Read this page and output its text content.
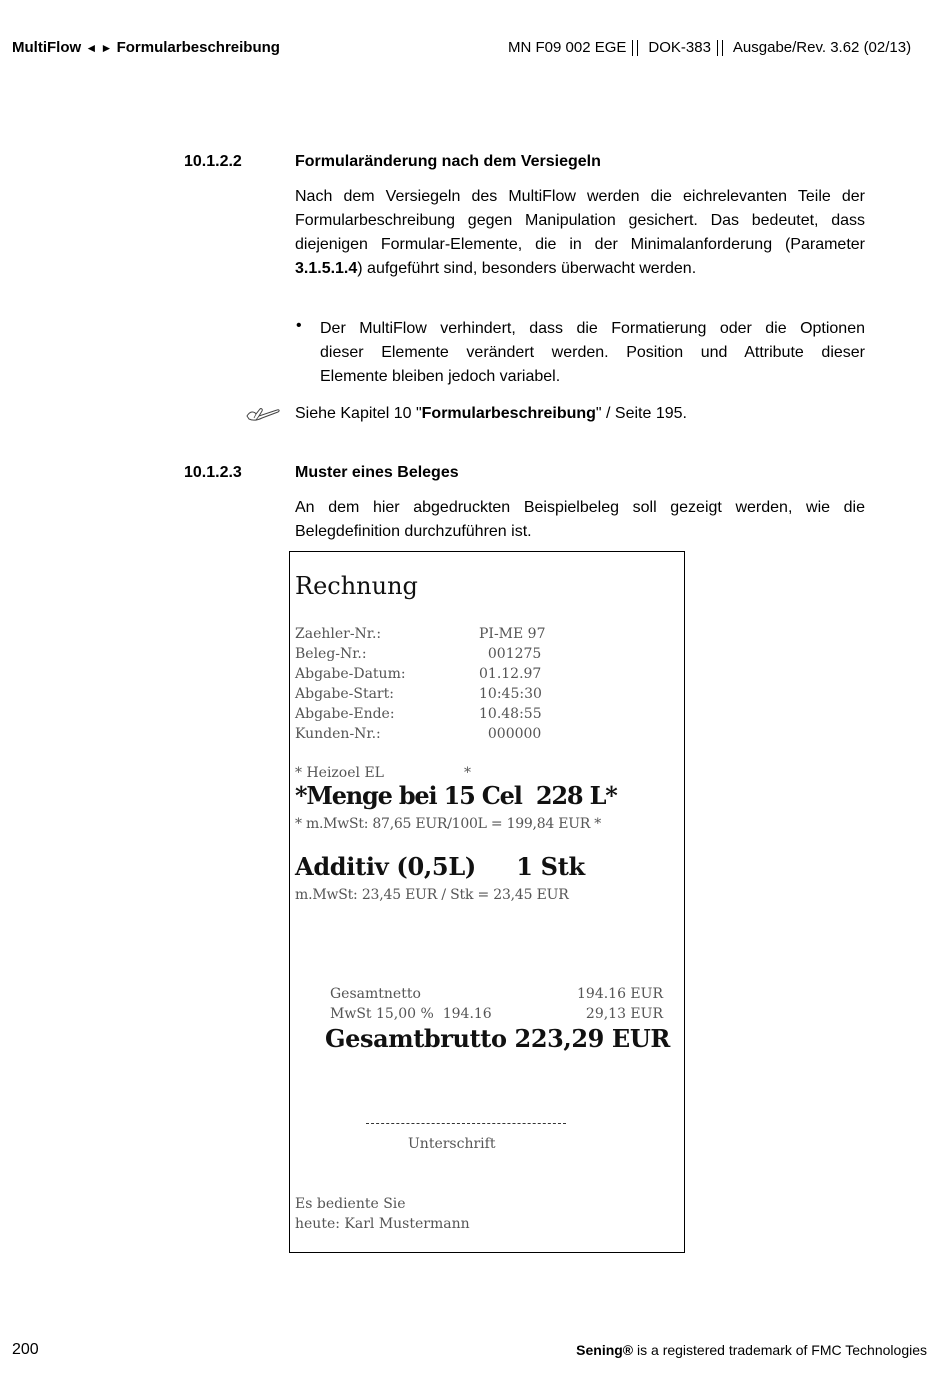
MultiFlow ◄ ► Formularbeschreibung	MN F09 002 EGE DOK-383 Ausgabe/Rev. 3.62 (02/13)
10.1.2.2	Formularänderung nach dem Versiegeln
Nach dem Versiegeln des MultiFlow werden die eichrelevanten Teile der
Formularbeschreibung gegen Manipulation gesichert. Das bedeutet, dass
diejenigen Formular-Elemente, die in der Minimalanforderung (Parameter
3.1.5.1.4) aufgeführt sind, besonders überwacht werden.
• Der MultiFlow verhindert, dass die Formatierung oder die Optionen
dieser Elemente verändert werden. Position und Attribute dieser
Elemente bleiben jedoch variabel.
Siehe Kapitel 10 "Formularbeschreibung" / Seite 195.
10.1.2.3	Muster eines Beleges
An dem hier abgedruckten Beispielbeleg soll gezeigt werden, wie die
Belegdefinition durchzuführen ist.
Rechnung
Zaehler-Nr.:	PI-ME 97
Beleg-Nr.:	001275
Abgabe-Datum:	01.12.97
Abgabe-Start:	10:45:30
Abgabe-Ende:	10.48:55
Kunden-Nr.:	000000
* Heizoel EL                  *
*Menge bei 15 Cel  228 L*
* m.MwSt: 87,65 EUR/100L = 199,84 EUR *
Additiv (0,5L)     1 Stk
m.MwSt: 23,45 EUR / Stk = 23,45 EUR
Gesamtnetto	194.16 EUR
MwSt 15,00 %  194.16	29,13 EUR
Gesamtbrutto 223,29 EUR
Unterschrift
Es bediente Sie
heute: Karl Mustermann
200	Sening® is a registered trademark of FMC Technologies
